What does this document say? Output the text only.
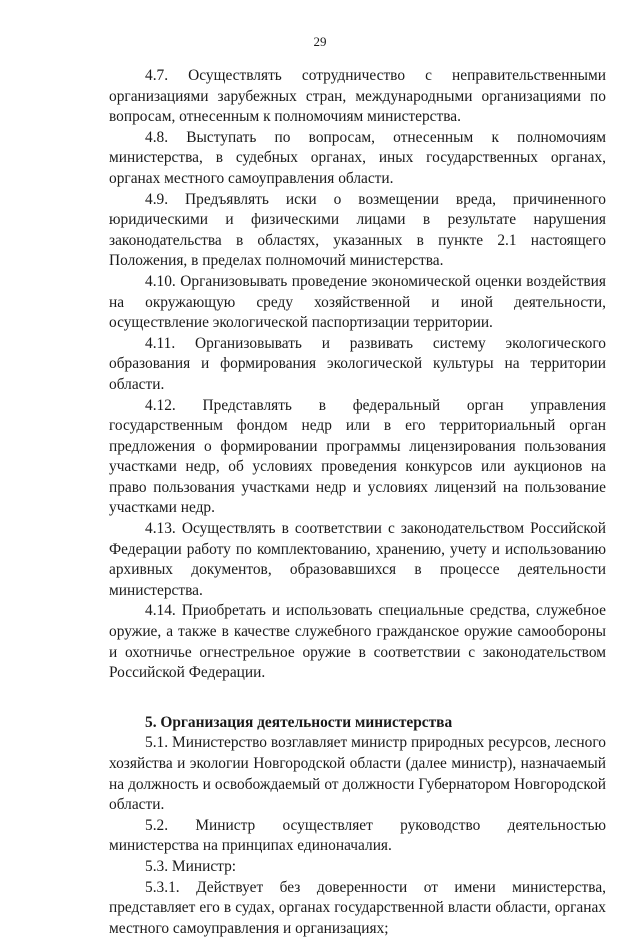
29

4.7. Осуществлять сотрудничество с неправительственными организациями зарубежных стран, международными организациями по вопросам, отнесенным к полномочиям министерства.

4.8. Выступать по вопросам, отнесенным к полномочиям министерства, в судебных органах, иных государственных органах, органах местного самоуправления области.

4.9. Предъявлять иски о возмещении вреда, причиненного юридическими и физическими лицами в результате нарушения законодательства в областях, указанных в пункте 2.1 настоящего Положения, в пределах полномочий министерства.

4.10. Организовывать проведение экономической оценки воздействия на окружающую среду хозяйственной и иной деятельности, осуществление экологической паспортизации территории.

4.11. Организовывать и развивать систему экологического образования и формирования экологической культуры на территории области.

4.12. Представлять в федеральный орган управления государственным фондом недр или в его территориальный орган предложения о формировании программы лицензирования пользования участками недр, об условиях проведения конкурсов или аукционов на право пользования участками недр и условиях лицензий на пользование участками недр.

4.13. Осуществлять в соответствии с законодательством Российской Федерации работу по комплектованию, хранению, учету и использованию архивных документов, образовавшихся в процессе деятельности министерства.

4.14. Приобретать и использовать специальные средства, служебное оружие, а также в качестве служебного гражданское оружие самообороны и охотничье огнестрельное оружие в соответствии с законодательством Российской Федерации.

5. Организация деятельности министерства

5.1. Министерство возглавляет министр природных ресурсов, лесного хозяйства и экологии Новгородской области (далее министр), назначаемый на должность и освобождаемый от должности Губернатором Новгородской области.

5.2. Министр осуществляет руководство деятельностью министерства на принципах единоначалия.

5.3. Министр:

5.3.1. Действует без доверенности от имени министерства, представляет его в судах, органах государственной власти области, органах местного самоуправления и организациях;
